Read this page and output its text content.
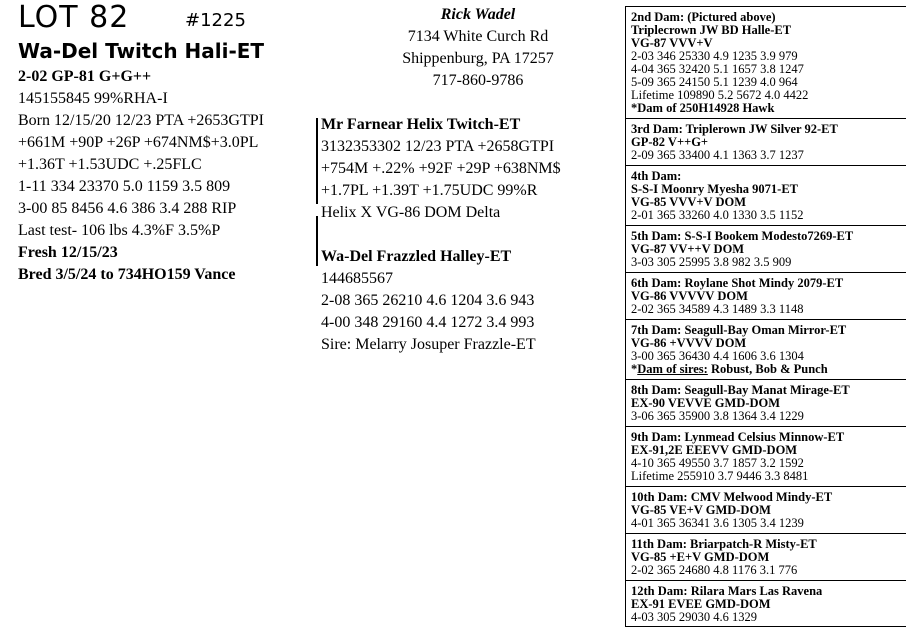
LOT 82	#1225
Wa-Del Twitch Hali-ET
2-02 GP-81 G+G++
145155845 99%RHA-I
Born 12/15/20 12/23 PTA +2653GTPI
+661M +90P +26P +674NM$+3.0PL
+1.36T +1.53UDC +.25FLC
1-11 334 23370 5.0 1159 3.5 809
3-00 85 8456 4.6 386 3.4 288 RIP
Last test- 106 lbs 4.3%F 3.5%P
Fresh 12/15/23
Bred 3/5/24 to 734HO159 Vance
Rick Wadel
7134 White Curch Rd
Shippenburg, PA 17257
717-860-9786
Mr Farnear Helix Twitch-ET
3132353302 12/23 PTA +2658GTPI
+754M +.22% +92F +29P +638NM$
+1.7PL +1.39T +1.75UDC 99%R
Helix X VG-86 DOM Delta
Wa-Del Frazzled Halley-ET
144685567
2-08 365 26210 4.6 1204 3.6 943
4-00 348 29160 4.4 1272 3.4 993
Sire: Melarry Josuper Frazzle-ET
2nd Dam: (Pictured above)
Triplecrown JW BD Halle-ET
VG-87 VVV+V
2-03 346 25330 4.9 1235 3.9 979
4-04 365 32420 5.1 1657 3.8 1247
5-09 365 24150 5.1 1239 4.0 964
Lifetime 109890 5.2 5672 4.0 4422
*Dam of 250H14928 Hawk
3rd Dam: Triplerown JW Silver 92-ET
GP-82 V++G+
2-09 365 33400 4.1 1363 3.7 1237
4th Dam:
S-S-I Moonry Myesha 9071-ET
VG-85 VVV+V DOM
2-01 365 33260 4.0 1330 3.5 1152
5th Dam: S-S-I Bookem Modesto7269-ET
VG-87 VV++V DOM
3-03 305 25995 3.8 982 3.5 909
6th Dam: Roylane Shot Mindy 2079-ET
VG-86 VVVVV DOM
2-02 365 34589 4.3 1489 3.3 1148
7th Dam: Seagull-Bay Oman Mirror-ET
VG-86 +VVVV DOM
3-00 365 36430 4.4 1606 3.6 1304
*Dam of sires: Robust, Bob & Punch
8th Dam: Seagull-Bay Manat Mirage-ET
EX-90 VEVVE GMD-DOM
3-06 365 35900 3.8 1364 3.4 1229
9th Dam: Lynmead Celsius Minnow-ET
EX-91,2E EEEVV GMD-DOM
4-10 365 49550 3.7 1857 3.2 1592
Lifetime 255910 3.7 9446 3.3 8481
10th Dam: CMV Melwood Mindy-ET
VG-85 VE+V GMD-DOM
4-01 365 36341 3.6 1305 3.4 1239
11th Dam: Briarpatch-R Misty-ET
VG-85 +E+V GMD-DOM
2-02 365 24680 4.8 1176 3.1 776
12th Dam: Rilara Mars Las Ravena
EX-91 EVEE GMD-DOM
4-03 305 29030 4.6 1329
